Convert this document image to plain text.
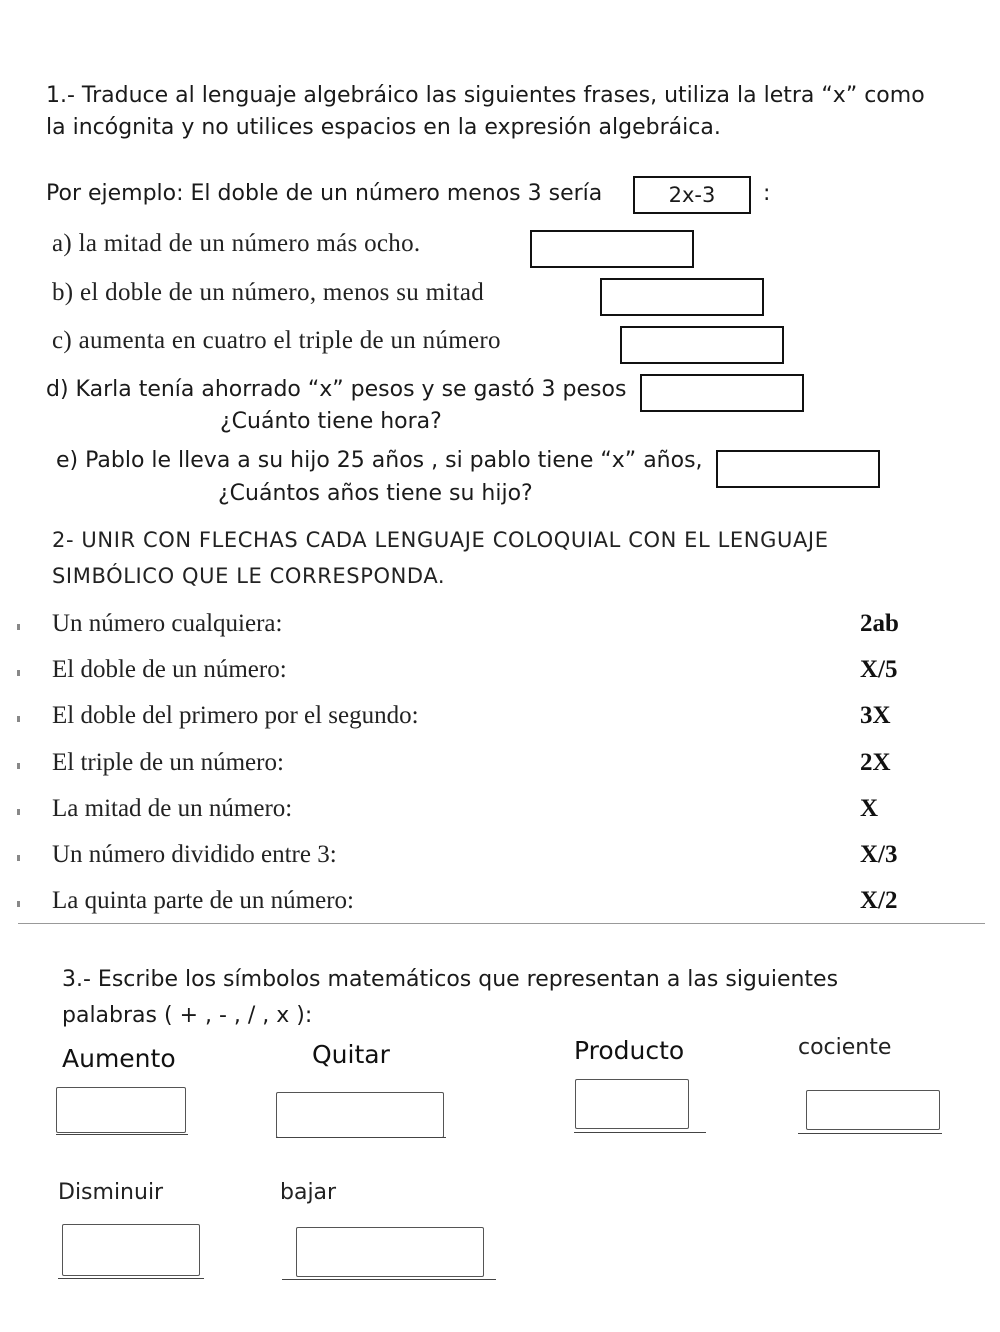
1.- Traduce al lenguaje algebráico las siguientes frases, utiliza la letra “x” como
la incógnita y no utilices espacios en la expresión algebráica.
Por ejemplo: El doble de un número menos 3 sería	2x-3 :
a) la mitad de un número más ocho.
b) el doble de un número, menos su mitad
c) aumenta en cuatro el triple de un número
d) Karla tenía ahorrado “x” pesos y se gastó 3 pesos
¿Cuánto tiene hora?
e) Pablo le lleva a su hijo 25 años , si pablo tiene “x” años,
¿Cuántos años tiene su hijo?
2- UNIR CON FLECHAS CADA LENGUAJE COLOQUIAL CON EL LENGUAJE
SIMBÓLICO QUE LE CORRESPONDA.
Un número cualquiera:	2ab
El doble de un número:	X/5
El doble del primero por el segundo:	3X
El triple de un número:	2X
La mitad de un número:	X
Un número dividido entre 3:	X/3
La quinta parte de un número:	X/2
3.- Escribe los símbolos matemáticos que representan a las siguientes
palabras ( + , - , / , x ):
Aumento	Quitar	Producto	cociente
Disminuir	bajar
